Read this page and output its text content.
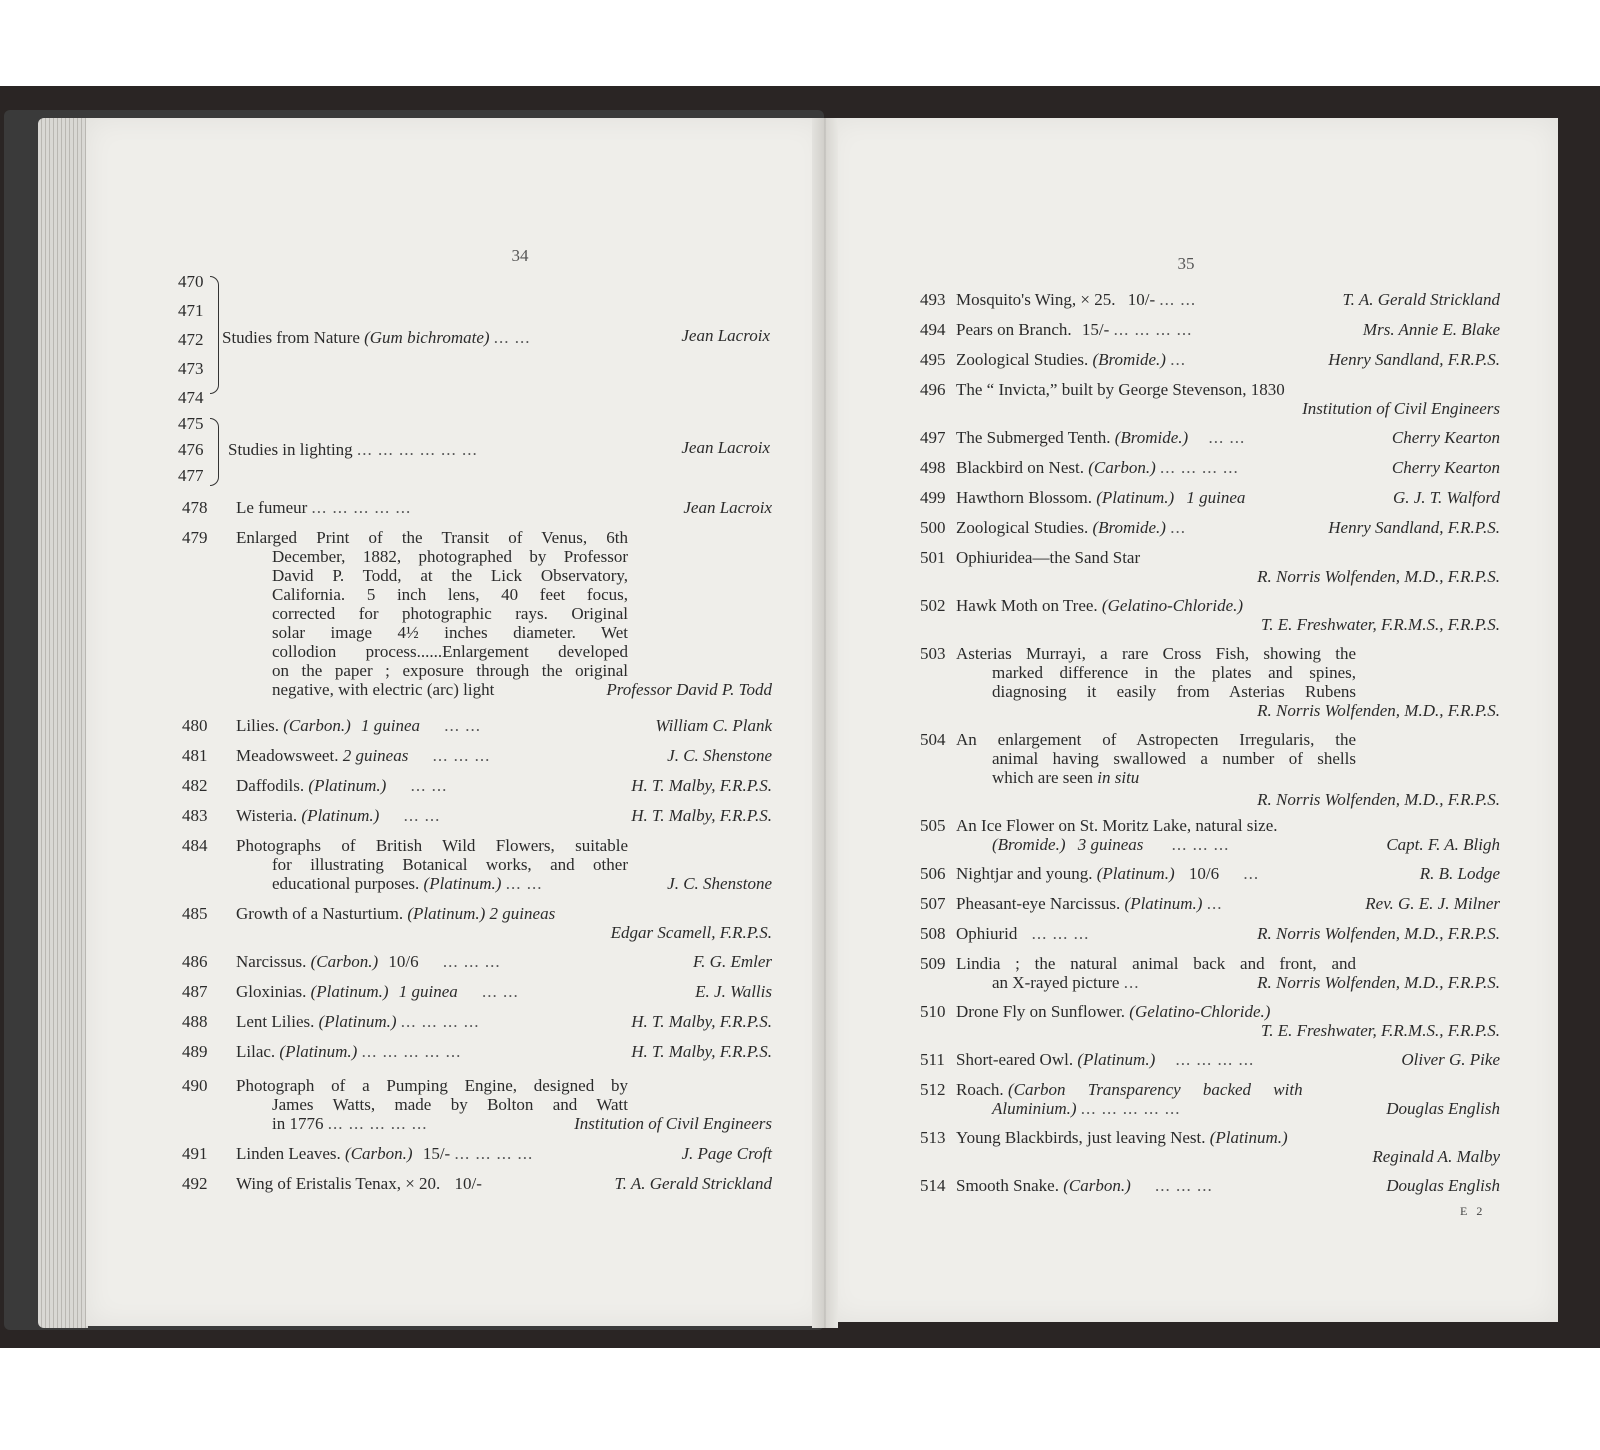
34
470
471
472
473
474
Studies from Nature (Gum bichromate) ... ...	Jean Lacroix
475
476
477
Studies in lighting ... ... ... ... ... ...	Jean Lacroix
478	Le fumeur ... ... ... ... ...	Jean Lacroix
479	Enlarged Print of the Transit of Venus, 6th
December, 1882, photographed by Professor
David P. Todd, at the Lick Observatory,
California. 5 inch lens, 40 feet focus,
corrected for photographic rays. Original
solar image 4½ inches diameter. Wet
collodion process......Enlargement developed
on the paper ; exposure through the original
negative, with electric (arc) light	Professor David P. Todd
480	Lilies. (Carbon.) 1 guinea ... ...	William C. Plank
481	Meadowsweet. 2 guineas ... ... ...	J. C. Shenstone
482	Daffodils. (Platinum.) ... ...	H. T. Malby, F.R.P.S.
483	Wisteria. (Platinum.) ... ...	H. T. Malby, F.R.P.S.
484	Photographs of British Wild Flowers, suitable
for illustrating Botanical works, and other
educational purposes. (Platinum.) ... ...	J. C. Shenstone
485	Growth of a Nasturtium. (Platinum.) 2 guineas
Edgar Scamell, F.R.P.S.
486	Narcissus. (Carbon.) 10/6 ... ... ...	F. G. Emler
487	Gloxinias. (Platinum.) 1 guinea ... ...	E. J. Wallis
488	Lent Lilies. (Platinum.) ... ... ... ...	H. T. Malby, F.R.P.S.
489	Lilac. (Platinum.) ... ... ... ... ...	H. T. Malby, F.R.P.S.
490	Photograph of a Pumping Engine, designed by
James Watts, made by Bolton and Watt
in 1776 ... ... ... ... ...	Institution of Civil Engineers
491	Linden Leaves. (Carbon.) 15/- ... ... ... ...	J. Page Croft
492	Wing of Eristalis Tenax, × 20. 10/-	T. A. Gerald Strickland
35
493 Mosquito's Wing, × 25. 10/- ... ...	T. A. Gerald Strickland
494 Pears on Branch. 15/- ... ... ... ...	Mrs. Annie E. Blake
495 Zoological Studies. (Bromide.) ...	Henry Sandland, F.R.P.S.
496 The “ Invicta,” built by George Stevenson, 1830
Institution of Civil Engineers
497 The Submerged Tenth. (Bromide.) ... ...	Cherry Kearton
498 Blackbird on Nest. (Carbon.) ... ... ... ...	Cherry Kearton
499 Hawthorn Blossom. (Platinum.) 1 guinea	G. J. T. Walford
500 Zoological Studies. (Bromide.) ...	Henry Sandland, F.R.P.S.
501 Ophiuridea—the Sand Star
R. Norris Wolfenden, M.D., F.R.P.S.
502 Hawk Moth on Tree. (Gelatino-Chloride.)
T. E. Freshwater, F.R.M.S., F.R.P.S.
503 Asterias Murrayi, a rare Cross Fish, showing the
marked difference in the plates and spines,
diagnosing it easily from Asterias Rubens
R. Norris Wolfenden, M.D., F.R.P.S.
504 An enlargement of Astropecten Irregularis, the
animal having swallowed a number of shells
which are seen in situ
R. Norris Wolfenden, M.D., F.R.P.S.
505 An Ice Flower on St. Moritz Lake, natural size.
(Bromide.) 3 guineas ... ... ...	Capt. F. A. Bligh
506 Nightjar and young. (Platinum.) 10/6 ...	R. B. Lodge
507 Pheasant-eye Narcissus. (Platinum.) ...	Rev. G. E. J. Milner
508 Ophiurid ... ... ...	R. Norris Wolfenden, M.D., F.R.P.S.
509 Lindia ; the natural animal back and front, and
an X-rayed picture ...	R. Norris Wolfenden, M.D., F.R.P.S.
510 Drone Fly on Sunflower. (Gelatino-Chloride.)
T. E. Freshwater, F.R.M.S., F.R.P.S.
511 Short-eared Owl. (Platinum.) ... ... ... ...	Oliver G. Pike
512 Roach. (Carbon Transparency backed with
Aluminium.) ... ... ... ... ...	Douglas English
513 Young Blackbirds, just leaving Nest. (Platinum.)
Reginald A. Malby
514 Smooth Snake. (Carbon.) ... ... ...	Douglas English
E 2
